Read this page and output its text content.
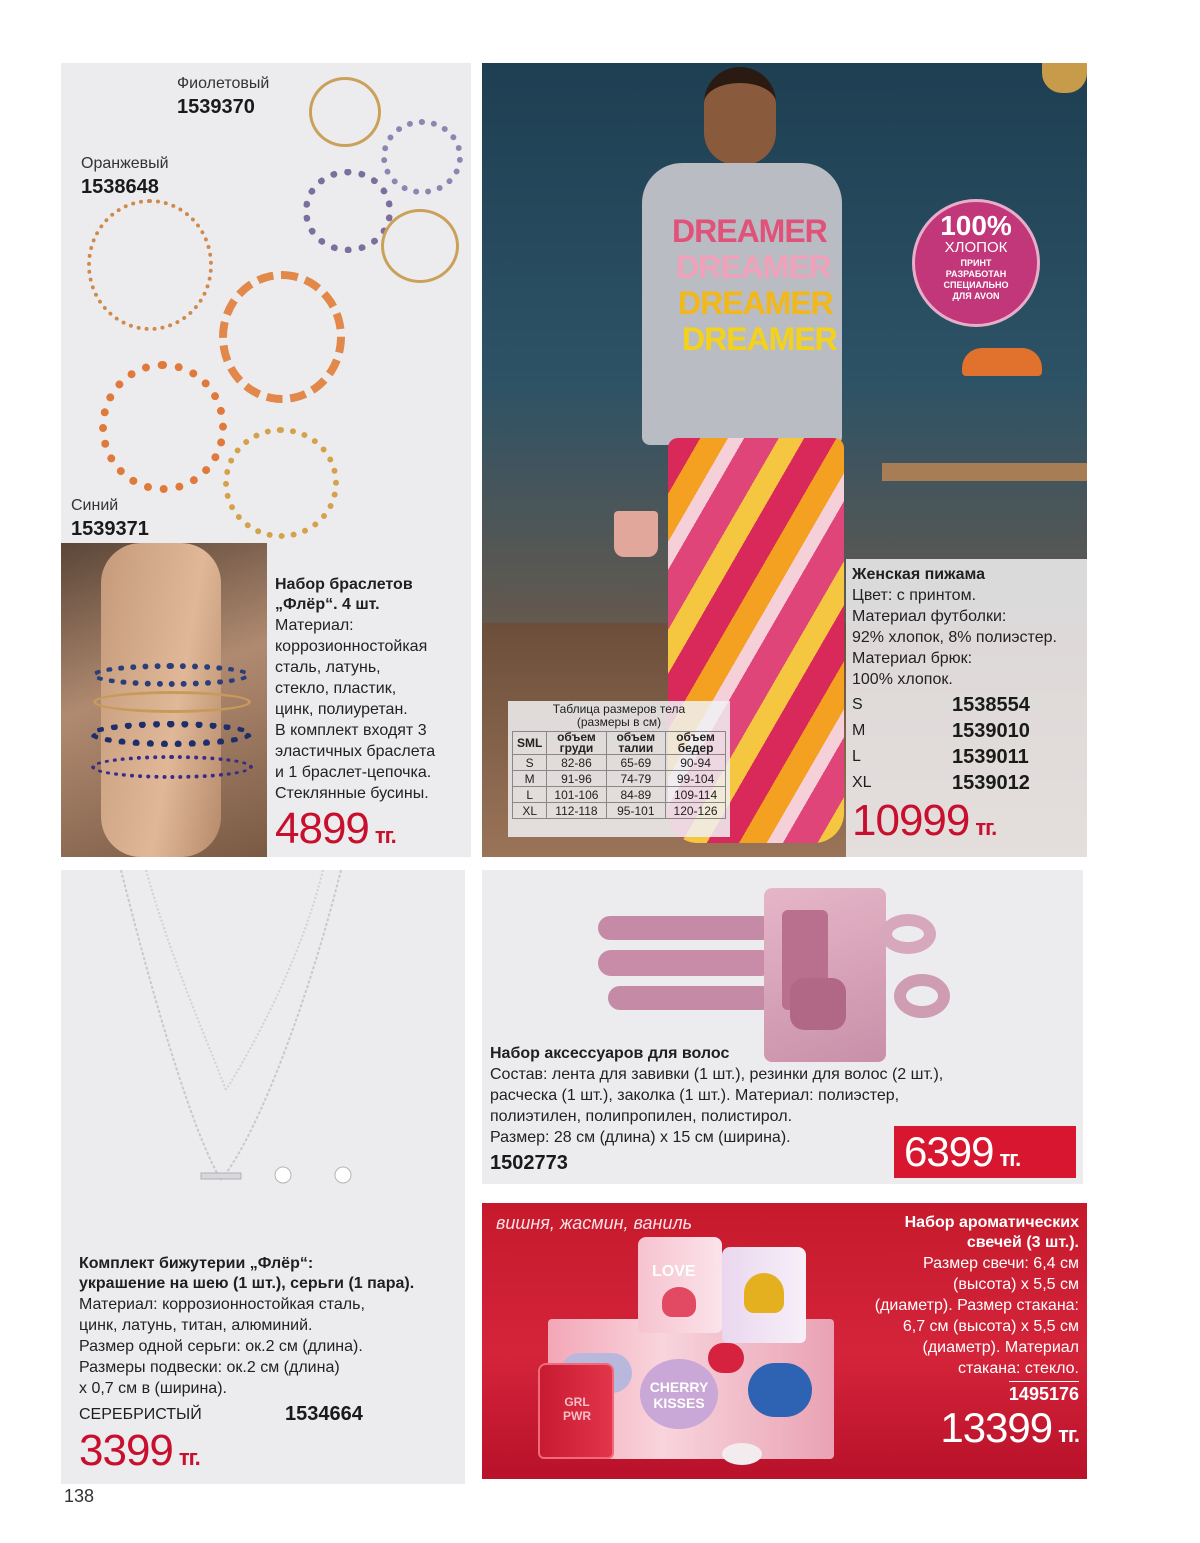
Фиолетовый
1539370
Оранжевый
1538648
Синий
1539371
Набор браслетов
„Флёр“. 4 шт.
Материал:
коррозионностойкая
сталь, латунь,
стекло, пластик,
цинк, полиуретан.
В комплект входят 3
эластичных браслета
и 1 браслет-цепочка.
Стеклянные бусины.
4899 тг.
DREAMER
DREAMER
DREAMER
DREAMER
100%
ХЛОПОК
ПРИНТ
РАЗРАБОТАН
СПЕЦИАЛЬНО
ДЛЯ AVON
Таблица размеров тела
(размеры в см)
SML	объем груди	объем талии	объем бедер
S	82-86	65-69	90-94
M	91-96	74-79	99-104
L	101-106	84-89	109-114
XL	112-118	95-101	120-126
Женская пижама
Цвет: с принтом.
Материал футболки:
92% хлопок, 8% полиэстер.
Материал брюк:
100% хлопок.
S	1538554
M	1539010
L	1539011
XL	1539012
10999 тг.
Комплект бижутерии „Флёр“:
украшение на шею (1 шт.), серьги (1 пара).
Материал: коррозионностойкая сталь,
цинк, латунь, титан, алюминий.
Размер одной серьги: ок.2 см (длина).
Размеры подвески: ок.2 см (длина)
x 0,7 см в (ширина).
СЕРЕБРИСТЫЙ	1534664
3399 тг.
138
Набор аксессуаров для волос
Состав: лента для завивки (1 шт.), резинки для волос (2 шт.),
расческа (1 шт.), заколка (1 шт.). Материал: полиэстер,
полиэтилен, полипропилен, полистирол.
Размер: 28 см (длина) x 15 см (ширина).
1502773	6399 тг.
вишня, жасмин, ваниль
CHERRY
KISSES
LOVE
GRL PWR
Набор ароматических
свечей (3 шт.).
Размер свечи: 6,4 см
(высота) x 5,5 см
(диаметр). Размер стакана:
6,7 см (высота) x 5,5 см
(диаметр). Материал
стакана: стекло.
1495176
13399 тг.
